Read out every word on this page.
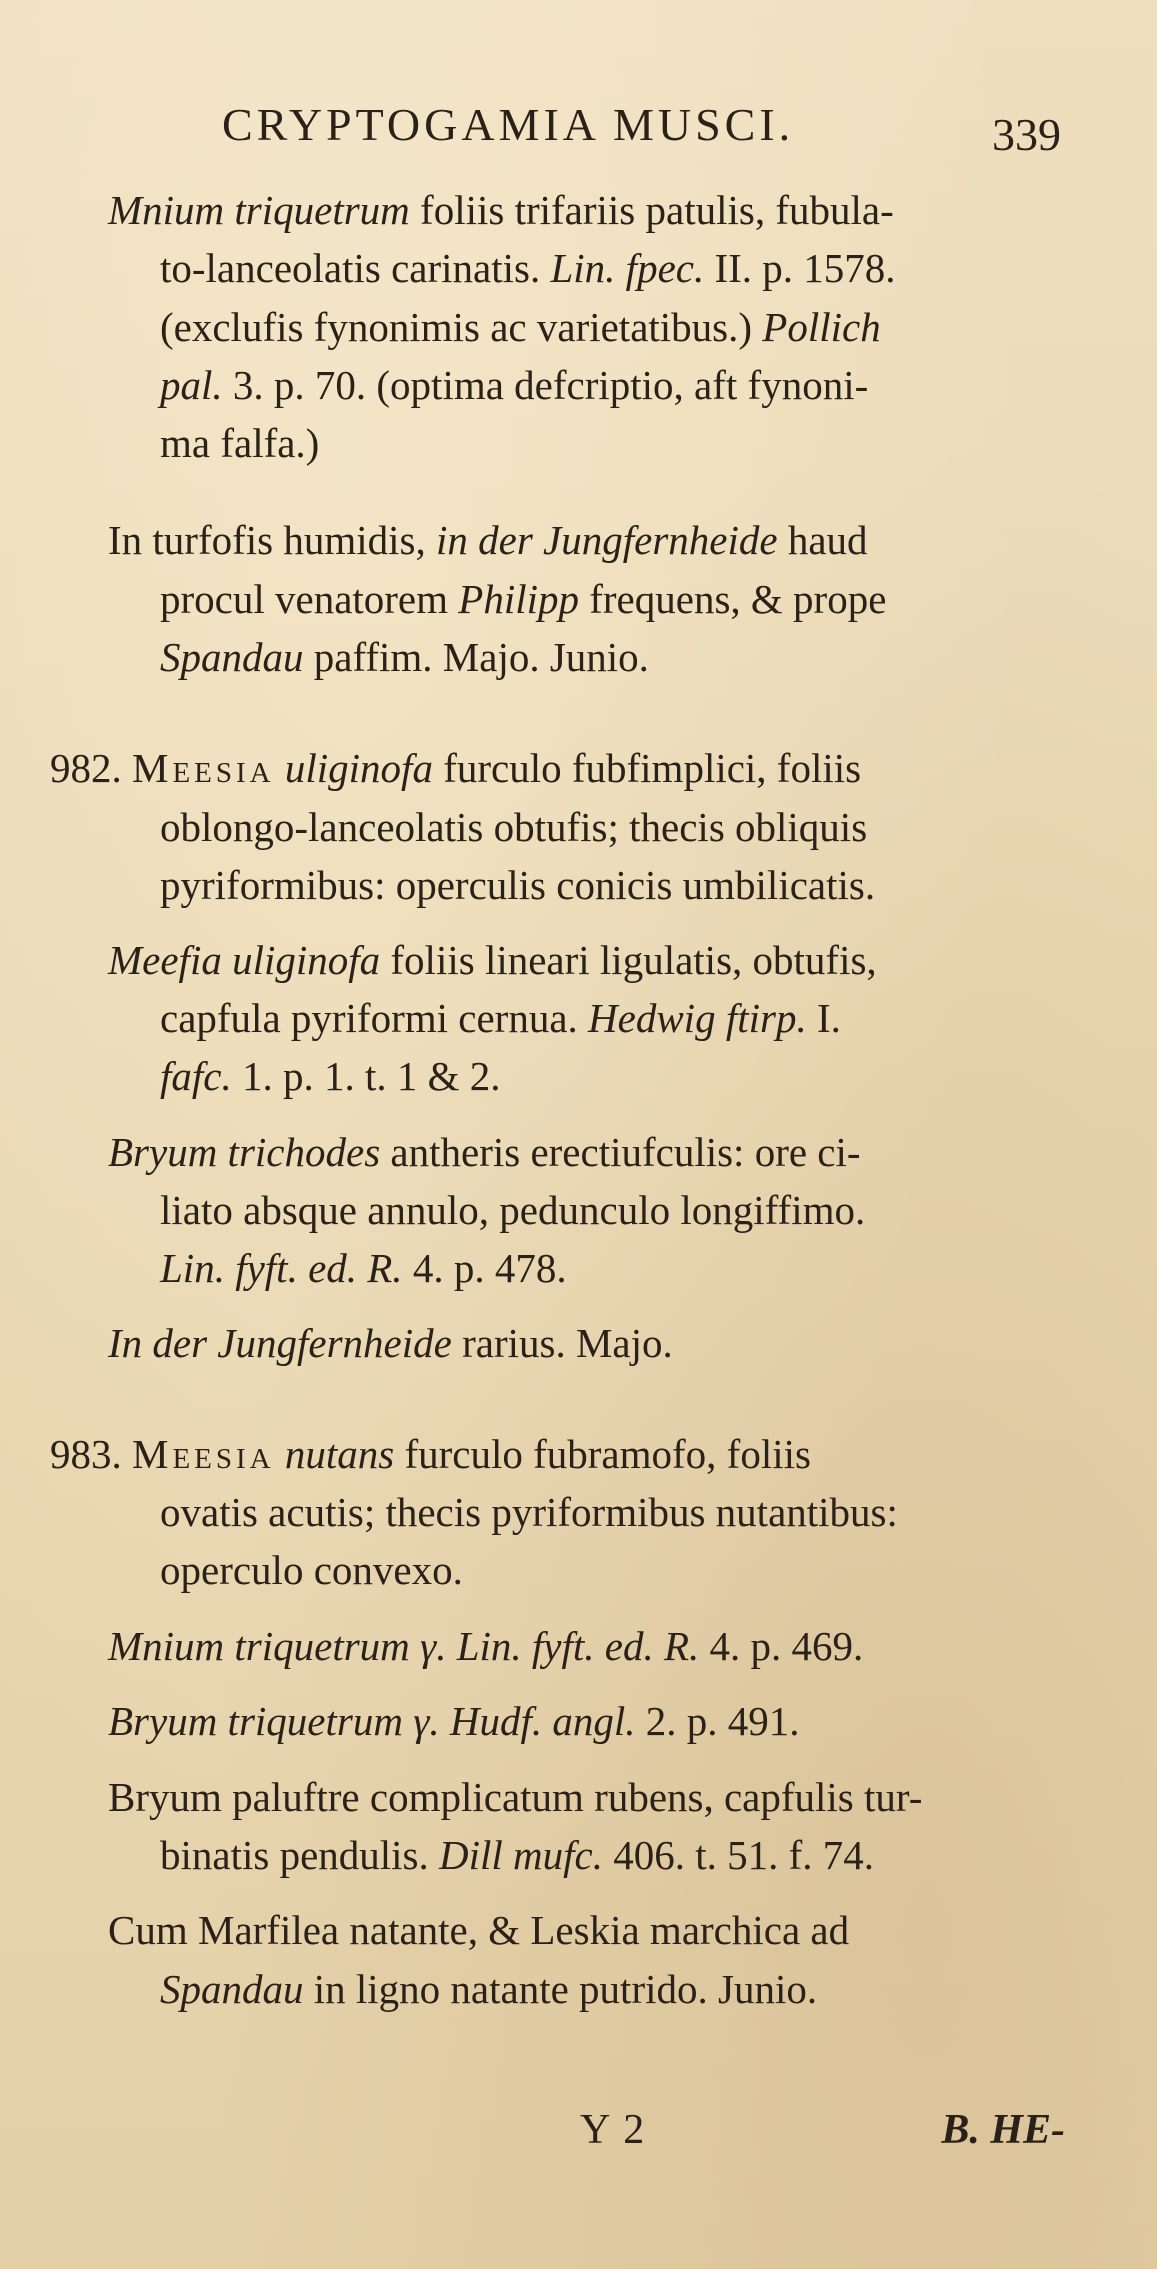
CRYPTOGAMIA MUSCI.	339
Mnium triquetrum foliis trifariis patulis, fubula-
to-lanceolatis carinatis. Lin. fpec. II. p. 1578.
(exclufis fynonimis ac varietatibus.) Pollich
pal. 3. p. 70. (optima defcriptio, aft fynoni-
ma falfa.)
In turfofis humidis, in der Jungfernheide haud
procul venatorem Philipp frequens, & prope
Spandau paffim. Majo. Junio.
982. Meesia uliginofa furculo fubfimplici, foliis
oblongo-lanceolatis obtufis; thecis obliquis
pyriformibus: operculis conicis umbilicatis.
Meefia uliginofa foliis lineari ligulatis, obtufis,
capfula pyriformi cernua. Hedwig ftirp. I.
fafc. 1. p. 1. t. 1 & 2.
Bryum trichodes antheris erectiufculis: ore ci-
liato absque annulo, pedunculo longiffimo.
Lin. fyft. ed. R. 4. p. 478.
In der Jungfernheide rarius. Majo.
983. Meesia nutans furculo fubramofo, foliis
ovatis acutis; thecis pyriformibus nutantibus:
operculo convexo.
Mnium triquetrum γ. Lin. fyft. ed. R. 4. p. 469.
Bryum triquetrum γ. Hudf. angl. 2. p. 491.
Bryum paluftre complicatum rubens, capfulis tur-
binatis pendulis. Dill mufc. 406. t. 51. f. 74.
Cum Marfilea natante, & Leskia marchica ad
Spandau in ligno natante putrido. Junio.
Y 2	B. HE-
